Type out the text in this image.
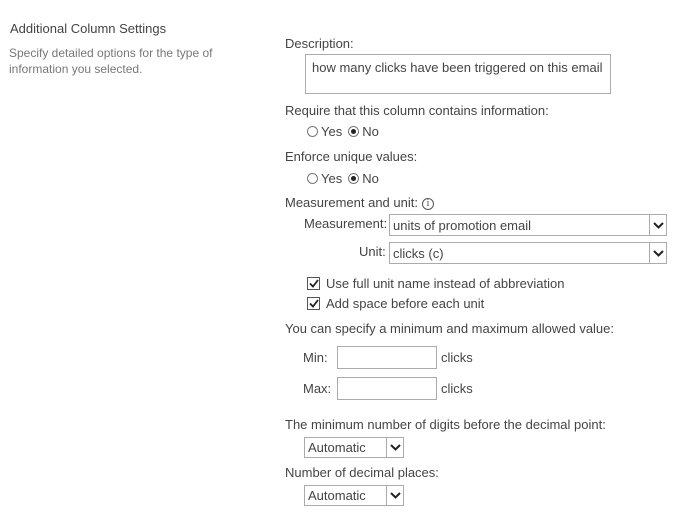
Additional Column Settings
Specify detailed options for the type of information you selected.
Description:
how many clicks have been triggered on this email
Require that this column contains information:
Yes No
Enforce unique values:
Yes No
Measurement and unit: i
Measurement: units of promotion email
Unit: clicks (c)
Use full unit name instead of abbreviation
Add space before each unit
You can specify a minimum and maximum allowed value:
Min:	clicks
Max:	clicks
The minimum number of digits before the decimal point:
Automatic
Number of decimal places:
Automatic
